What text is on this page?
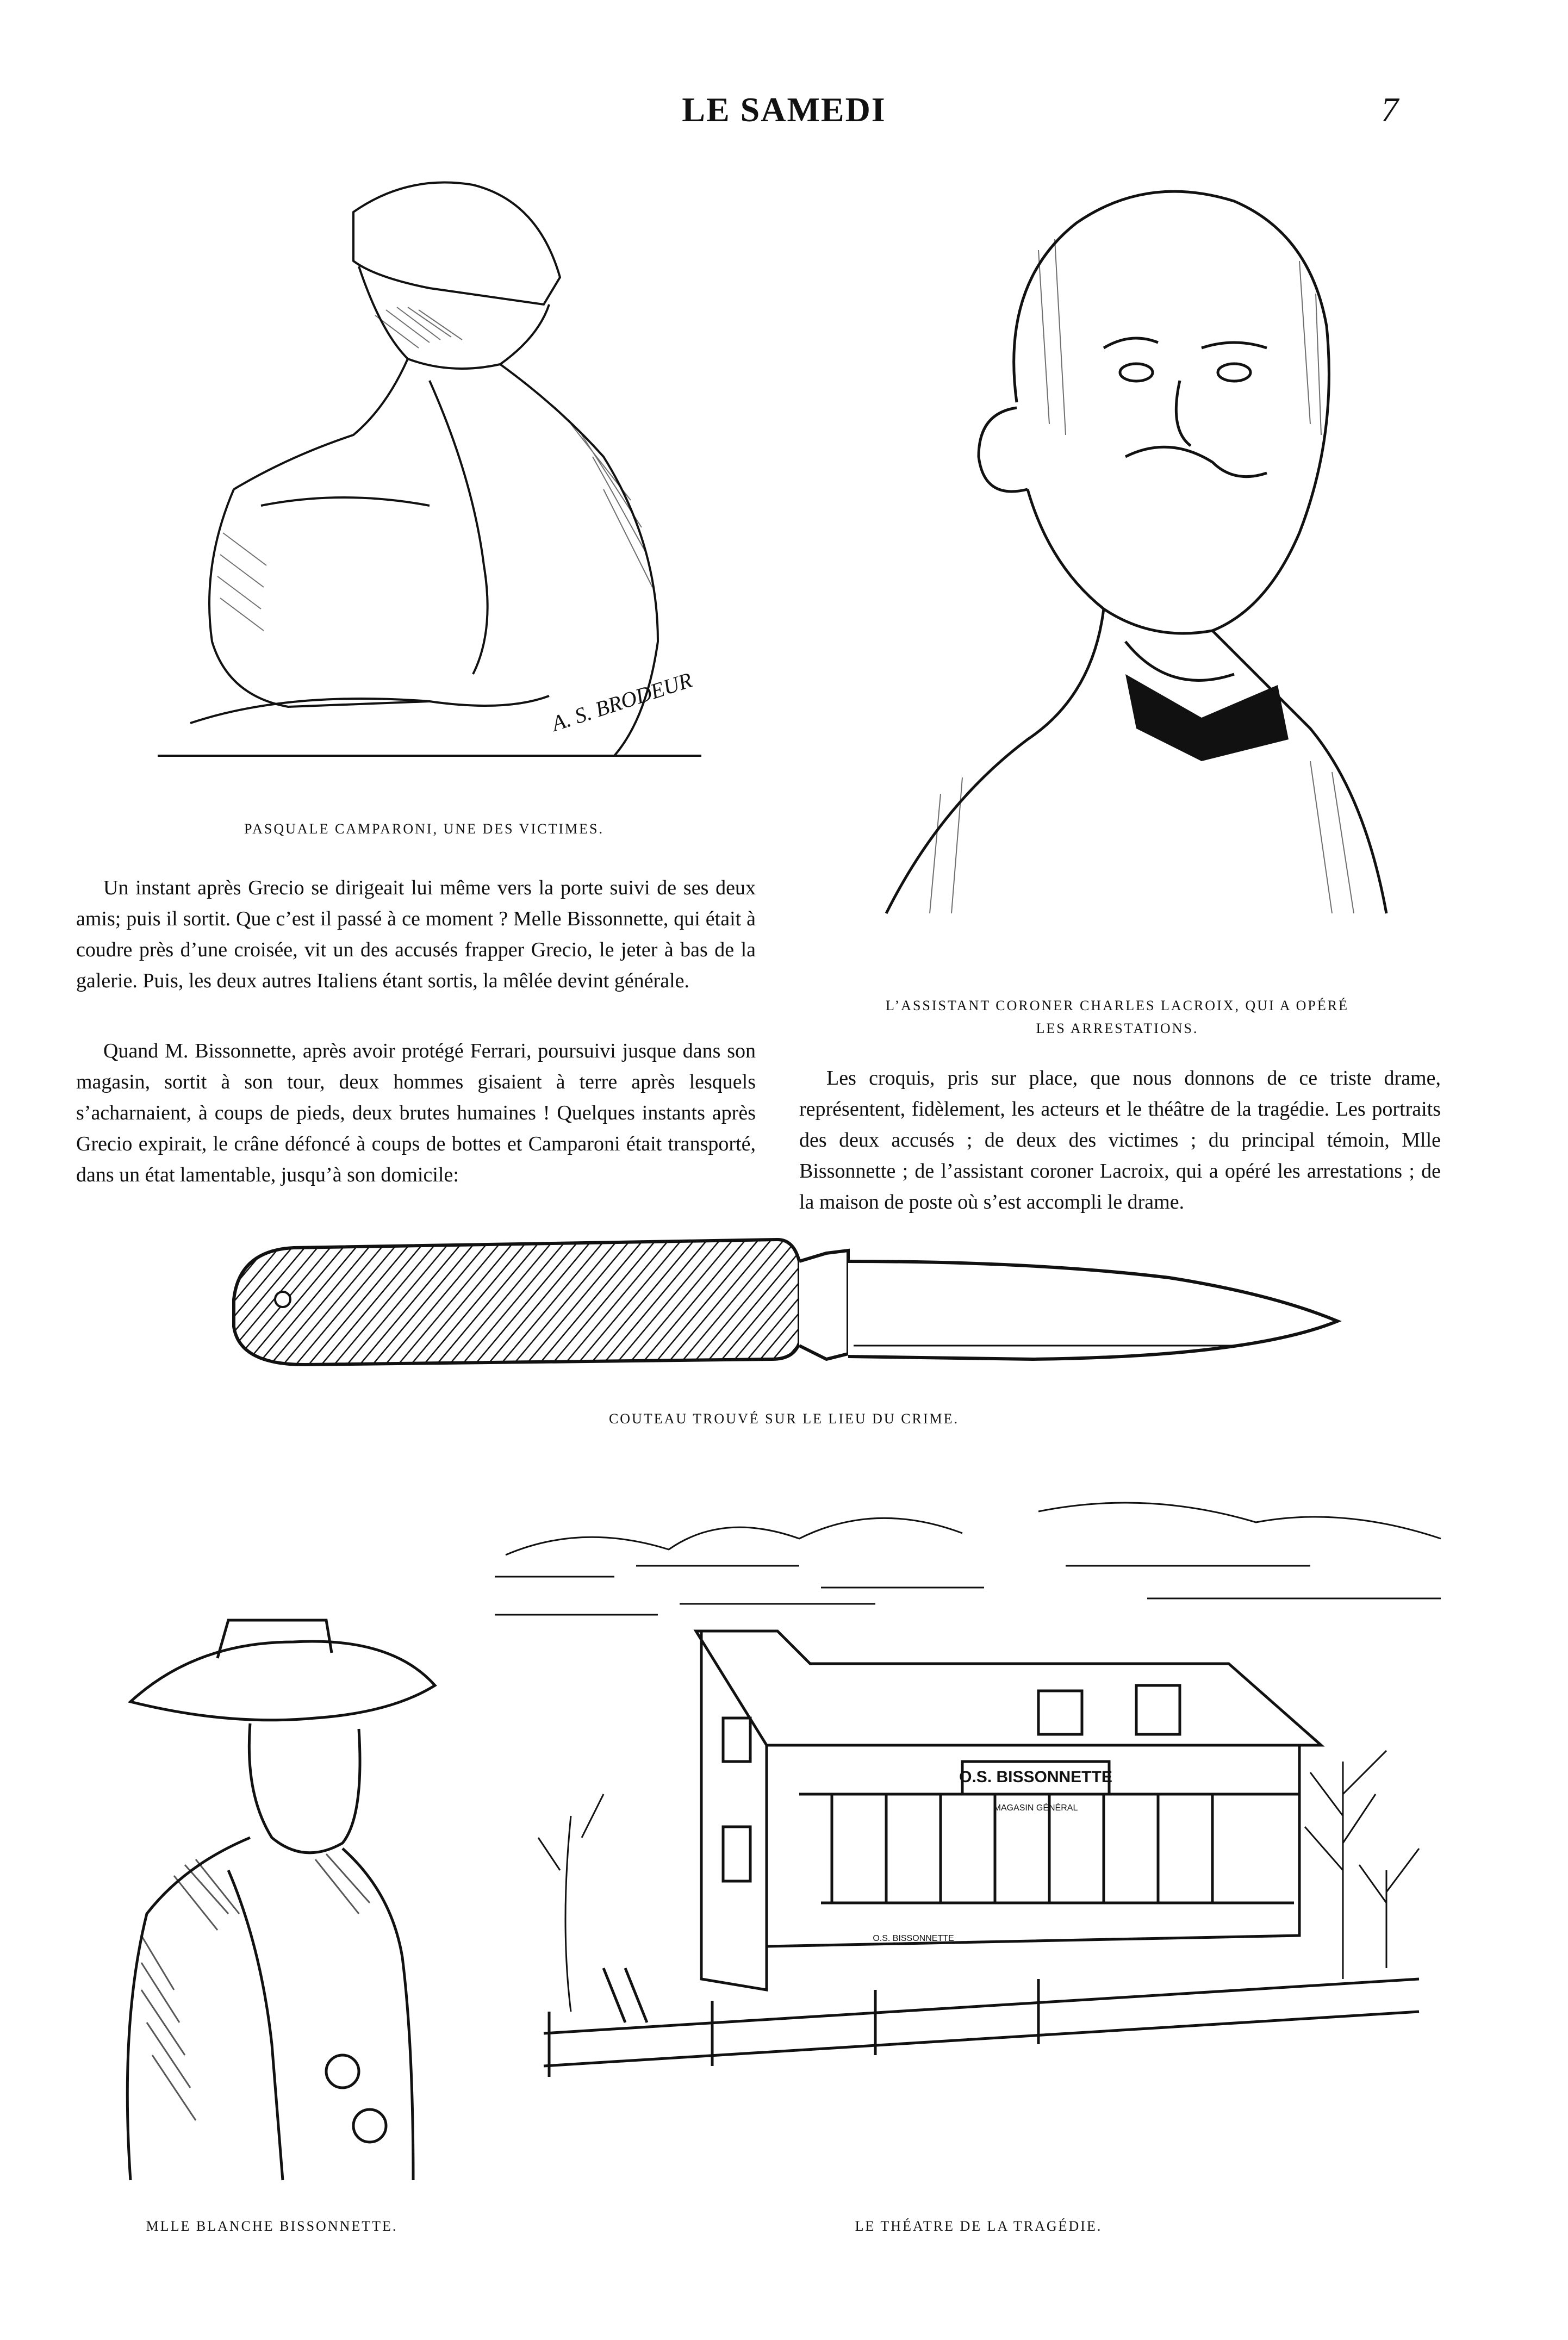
LE SAMEDI	7
A. S. BRODEUR
PASQUALE CAMPARONI, UNE DES VICTIMES.
L’ASSISTANT CORONER CHARLES LACROIX, QUI A OPÉRÉ
LES ARRESTATIONS.
Un instant après Grecio se dirigeait lui même vers la porte suivi de ses deux amis; puis il sortit. Que c’est il passé à ce moment ? Melle Bissonnette, qui était à coudre près d’une croisée, vit un des accusés frapper Grecio, le jeter à bas de la galerie. Puis, les deux autres Italiens étant sortis, la mêlée devint générale.
Quand M. Bissonnette, après avoir protégé Ferrari, poursuivi jusque dans son magasin, sortit à son tour, deux hommes gisaient à terre après lesquels s’acharnaient, à coups de pieds, deux brutes humaines ! Quelques instants après Grecio expirait, le crâne défoncé à coups de bottes et Camparoni était transporté, dans un état lamentable, jusqu’à son domicile:
Les croquis, pris sur place, que nous donnons de ce triste drame, représentent, fidèlement, les acteurs et le théâtre de la tragédie. Les portraits des deux accusés ; de deux des victimes ; du principal témoin, Mlle Bissonnette ; de l’assistant coroner Lacroix, qui a opéré les arrestations ; de la maison de poste où s’est accompli le drame.
COUTEAU TROUVÉ SUR LE LIEU DU CRIME.
MLLE BLANCHE BISSONNETTE.
O.S. BISSONNETTE
MAGASIN GÉNÉRAL
O.S. BISSONNETTE
LE THÉATRE DE LA TRAGÉDIE.
